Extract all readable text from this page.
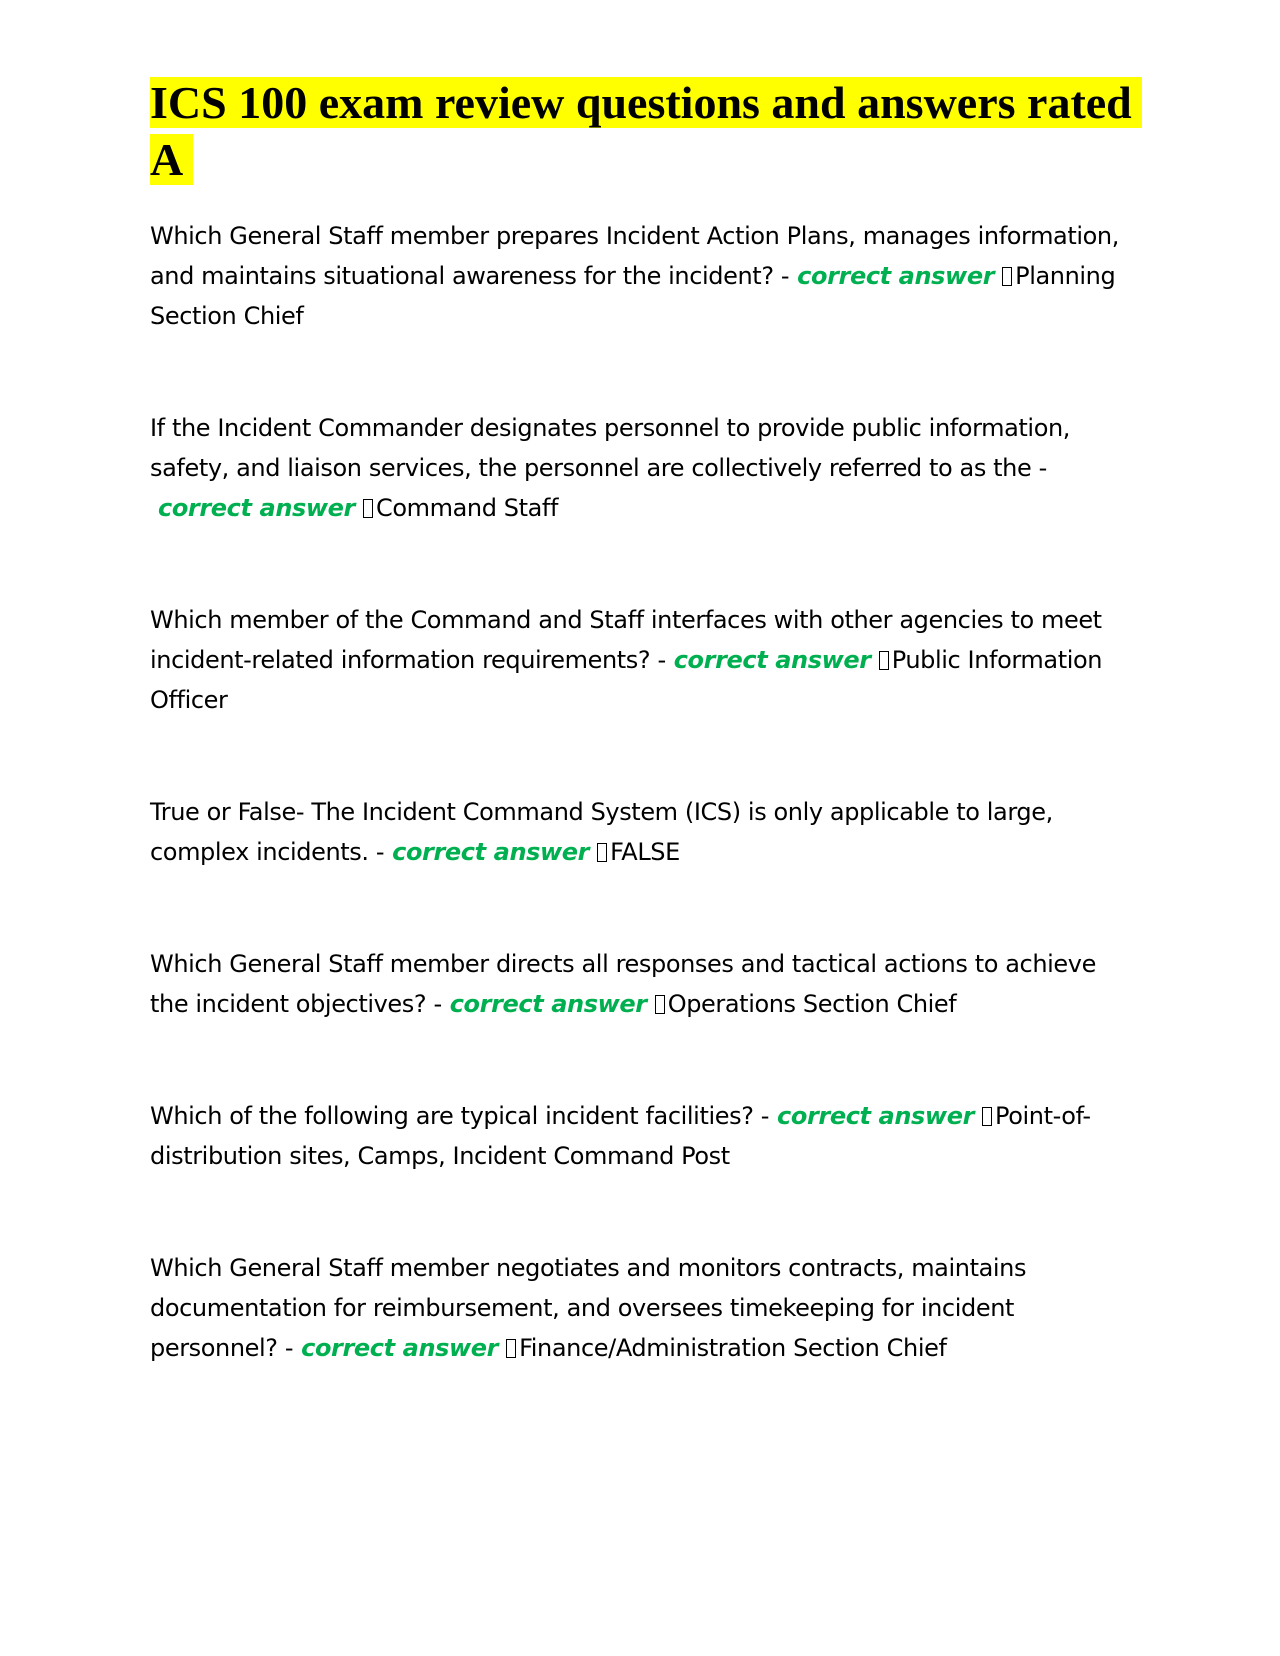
ICS 100 exam review questions and answers rated A

Which General Staff member prepares Incident Action Plans, manages information, and maintains situational awareness for the incident? - correct answer Planning Section Chief

If the Incident Commander designates personnel to provide public information, safety, and liaison services, the personnel are collectively referred to as the -correct answer Command Staff

Which member of the Command and Staff interfaces with other agencies to meet incident-related information requirements? - correct answer Public Information Officer

True or False- The Incident Command System (ICS) is only applicable to large, complex incidents. - correct answer FALSE

Which General Staff member directs all responses and tactical actions to achieve the incident objectives? - correct answer Operations Section Chief

Which of the following are typical incident facilities? - correct answer Point-of-distribution sites, Camps, Incident Command Post

Which General Staff member negotiates and monitors contracts, maintains documentation for reimbursement, and oversees timekeeping for incident personnel? - correct answer Finance/Administration Section Chief
